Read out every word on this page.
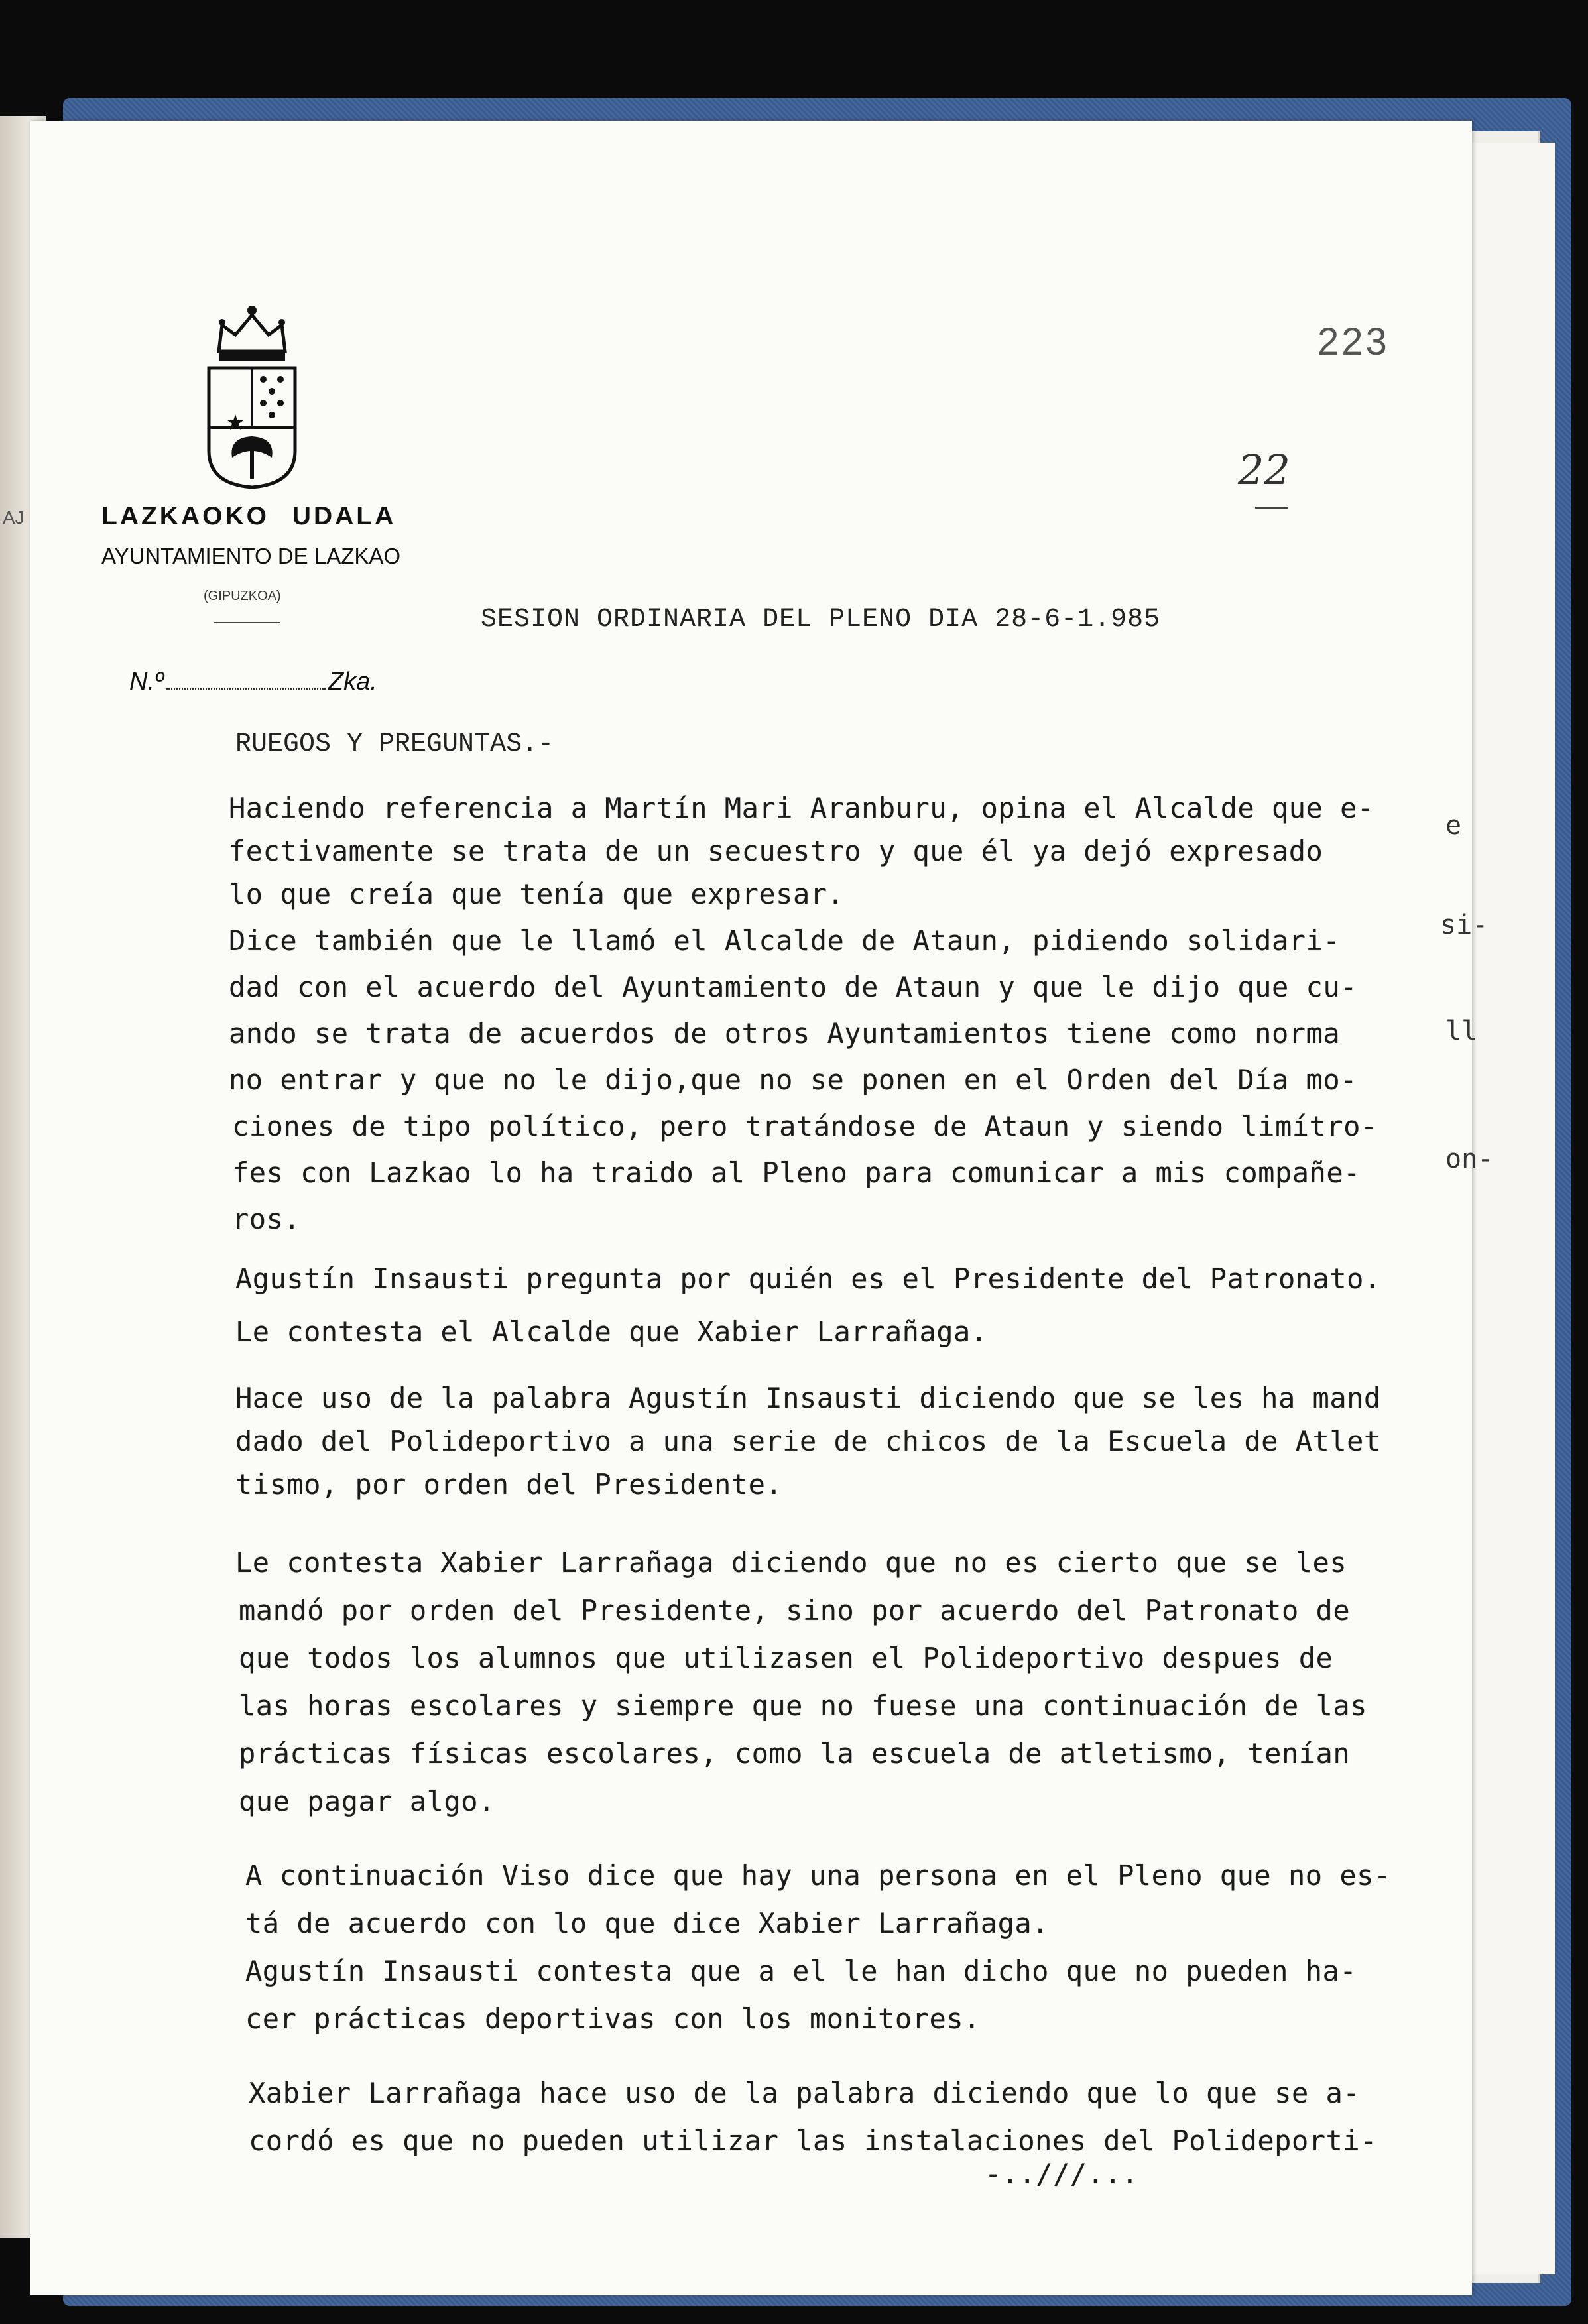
AJ	LAZKAOKO UDALA
AYUNTAMIENTO DE LAZKAO
(GIPUZKOA)
N.º	Zka.
223
22
SESION ORDINARIA DEL PLENO DIA 28-6-1.985
RUEGOS Y PREGUNTAS.-
Haciendo referencia a Martín Mari Aranburu, opina el Alcalde que e-
fectivamente se trata de un secuestro y que él ya dejó expresado
lo que creía que tenía que expresar.
Dice también que le llamó el Alcalde de Ataun, pidiendo solidari-
dad con el acuerdo del Ayuntamiento de Ataun y que le dijo que cu-
ando se trata de acuerdos de otros Ayuntamientos tiene como norma
no entrar y que no le dijo,que no se ponen en el Orden del Día mo-
ciones de tipo político, pero tratándose de Ataun y siendo limítro-
fes con Lazkao lo ha traido al Pleno para comunicar a mis compañe-
ros.
Agustín Insausti pregunta por quién es el Presidente del Patronato.
Le contesta el Alcalde que Xabier Larrañaga.
Hace uso de la palabra Agustín Insausti diciendo que se les ha mand
dado del Polideportivo a una serie de chicos de la Escuela de Atlet
tismo, por orden del Presidente.
Le contesta Xabier Larrañaga diciendo que no es cierto que se les
mandó por orden del Presidente, sino por acuerdo del Patronato de
que todos los alumnos que utilizasen el Polideportivo despues de
las horas escolares y siempre que no fuese una continuación de las
prácticas físicas escolares, como la escuela de atletismo, tenían
que pagar algo.
A continuación Viso dice que hay una persona en el Pleno que no es-
tá de acuerdo con lo que dice Xabier Larrañaga.
Agustín Insausti contesta que a el le han dicho que no pueden ha-
cer prácticas deportivas con los monitores.
Xabier Larrañaga hace uso de la palabra diciendo que lo que se a-
cordó es que no pueden utilizar las instalaciones del Polideporti-
-..///...
si-
ll
on-
e
